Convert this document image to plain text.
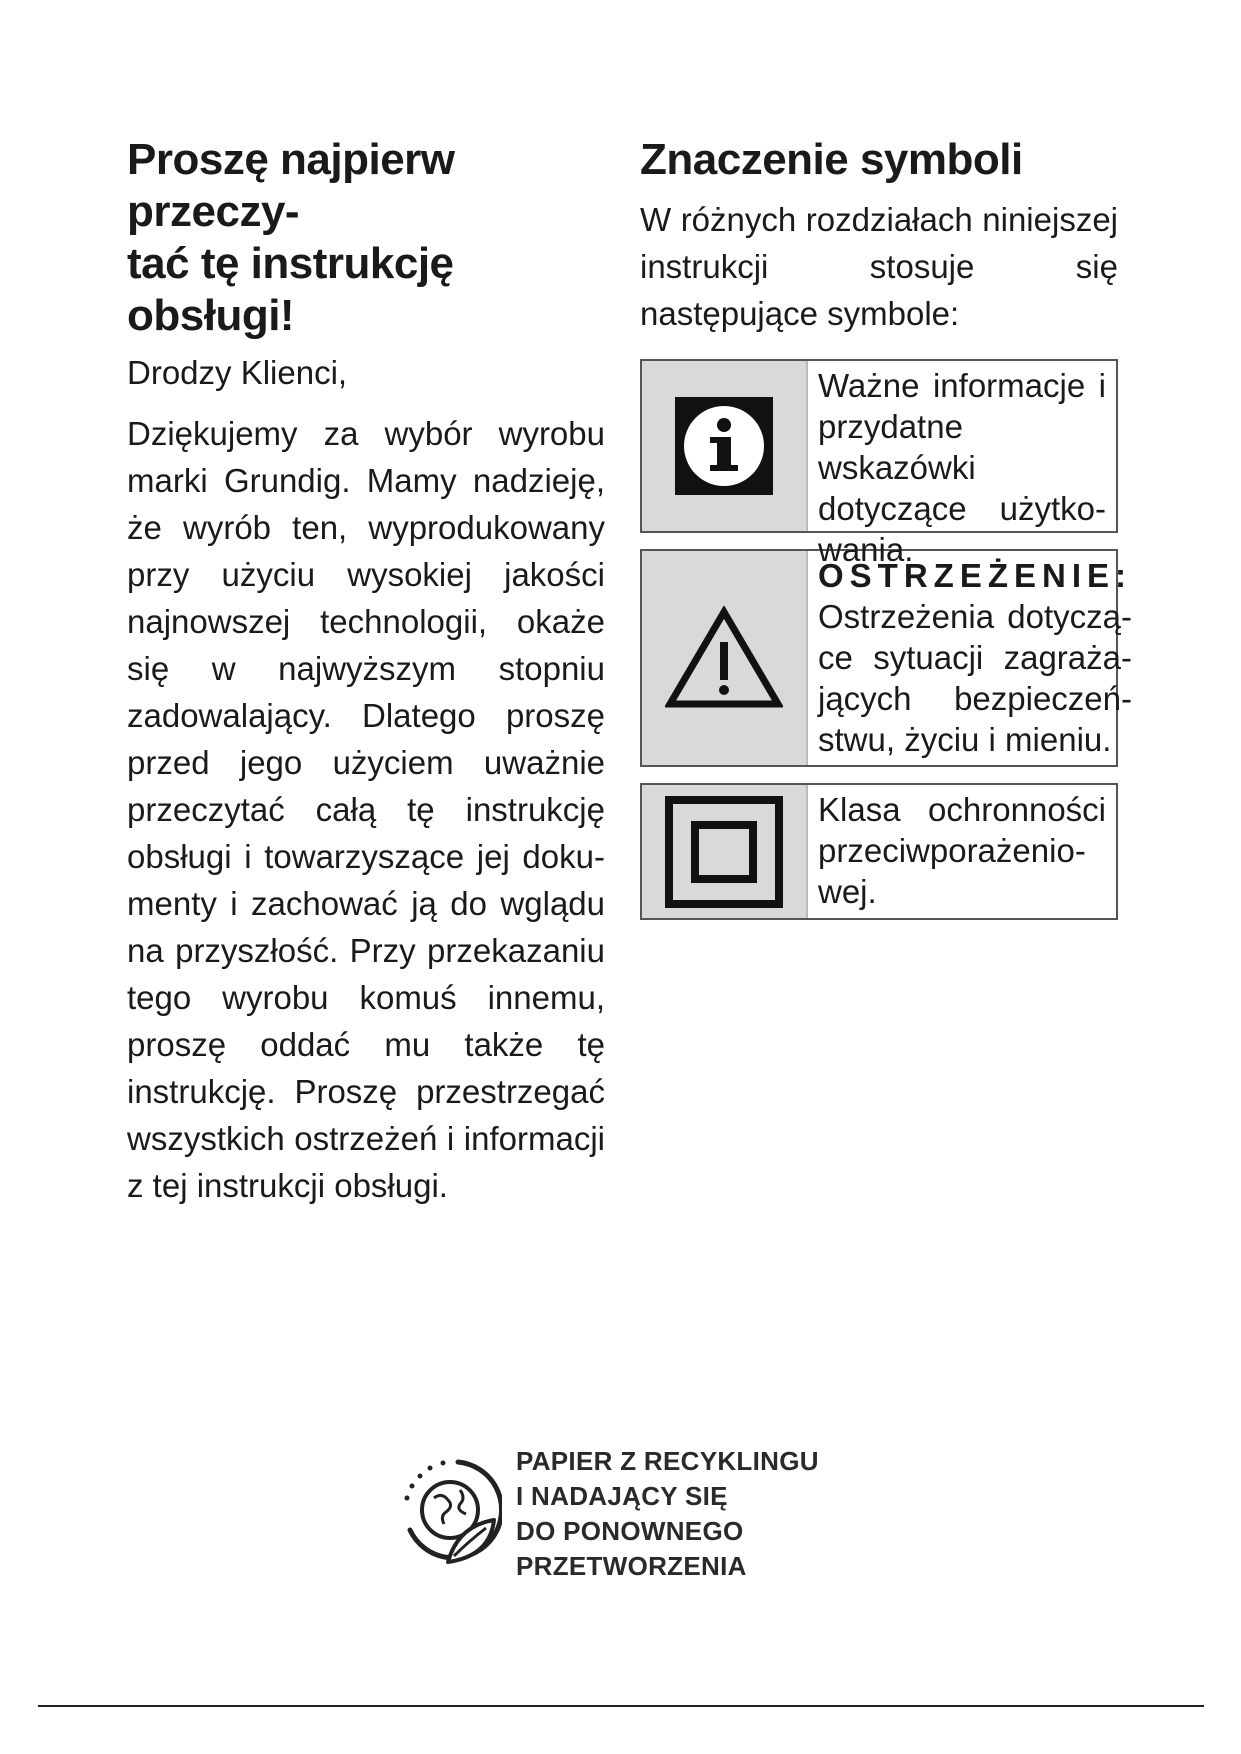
Proszę najpierw przeczy-
tać tę instrukcję obsługi!

Drodzy Klienci,

Dziękujemy za wybór wyrobu marki Grundig. Mamy nadzieję, że wyrób ten, wyprodukowany przy użyciu wysokiej jakości najnowszej technologii, okaże się w najwyższym stopniu zadowalający. Dlatego proszę przed jego użyciem uważnie przeczytać całą tę instrukcję obsługi i towarzyszące jej dokumenty i zachować ją do wglądu na przyszłość. Przy przekazaniu tego wyrobu komuś innemu, proszę oddać mu także tę instrukcję. Proszę przestrzegać wszystkich ostrzeżeń i informacji z tej instrukcji obsługi.

Znaczenie symboli

W różnych rozdziałach niniejszej instrukcji stosuje się następujące symbole:

Ważne informacje i przydatne wskazówki dotyczące użytkowania.
OSTRZEŻENIE:
Ostrzeżenia dotyczące sytuacji zagrażających bezpieczeństwu, życiu i mieniu.
Klasa ochronności przeciwporażeniowej.
PAPIER Z RECYKLINGU
I NADAJĄCY SIĘ
DO PONOWNEGO
PRZETWORZENIA
